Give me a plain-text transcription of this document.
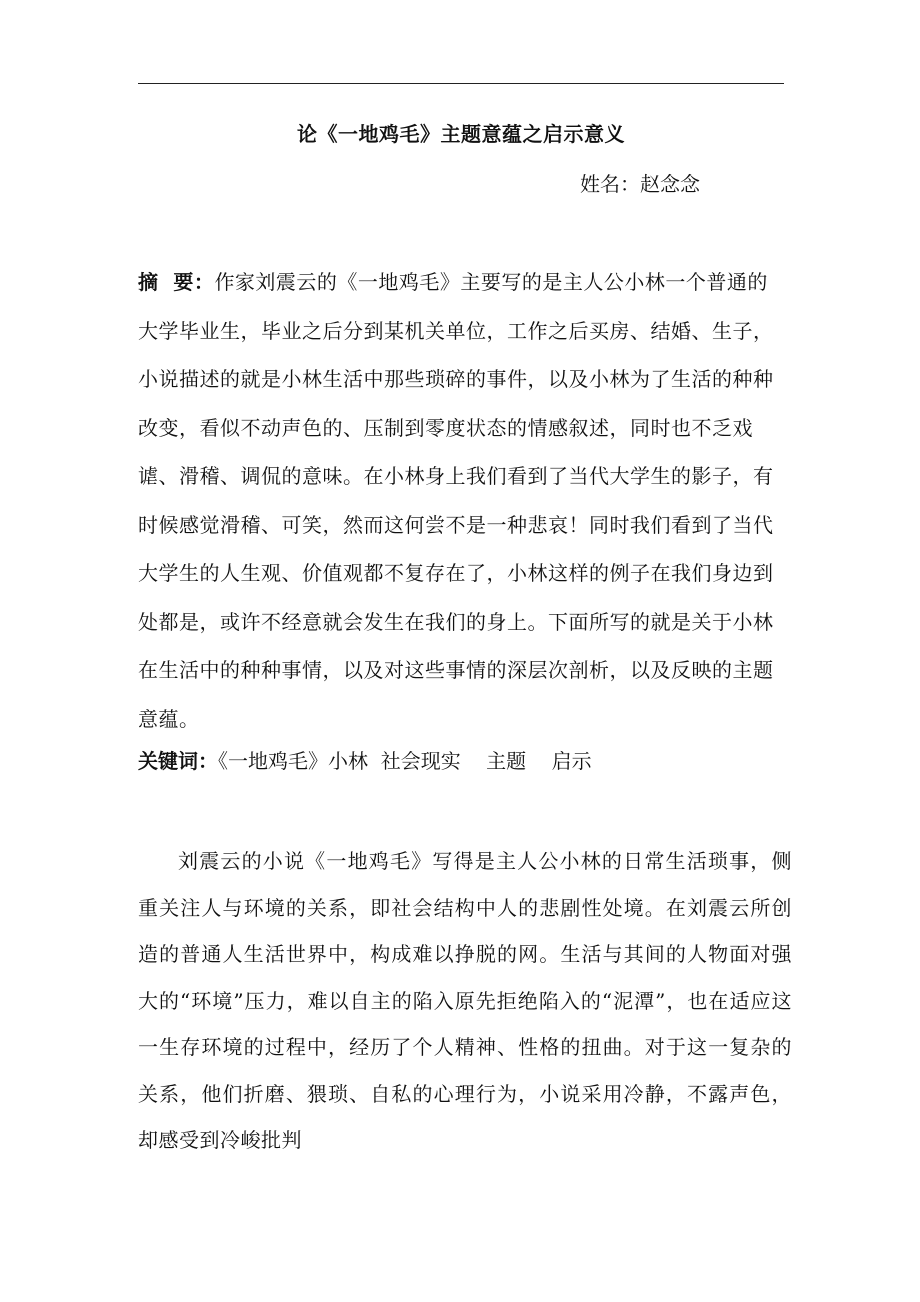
论《一地鸡毛》主题意蕴之启示意义
姓名：赵念念
摘  要：作家刘震云的《一地鸡毛》主要写的是主人公小林一个普通的大学毕业生，毕业之后分到某机关单位，工作之后买房、结婚、生子，小说描述的就是小林生活中那些琐碎的事件，以及小林为了生活的种种改变，看似不动声色的、压制到零度状态的情感叙述，同时也不乏戏谑、滑稽、调侃的意味。在小林身上我们看到了当代大学生的影子，有时候感觉滑稽、可笑，然而这何尝不是一种悲哀！同时我们看到了当代大学生的人生观、价值观都不复存在了，小林这样的例子在我们身边到处都是，或许不经意就会发生在我们的身上。下面所写的就是关于小林在生活中的种种事情，以及对这些事情的深层次剖析，以及反映的主题意蕴。
关键词：《一地鸡毛》小林  社会现实    主题    启示
刘震云的小说《一地鸡毛》写得是主人公小林的日常生活琐事，侧重关注人与环境的关系，即社会结构中人的悲剧性处境。在刘震云所创造的普通人生活世界中，构成难以挣脱的网。生活与其间的人物面对强大的“环境”压力，难以自主的陷入原先拒绝陷入的“泥潭”，也在适应这一生存环境的过程中，经历了个人精神、性格的扭曲。对于这一复杂的关系，他们折磨、猥琐、自私的心理行为，小说采用冷静，不露声色，却感受到冷峻批判
